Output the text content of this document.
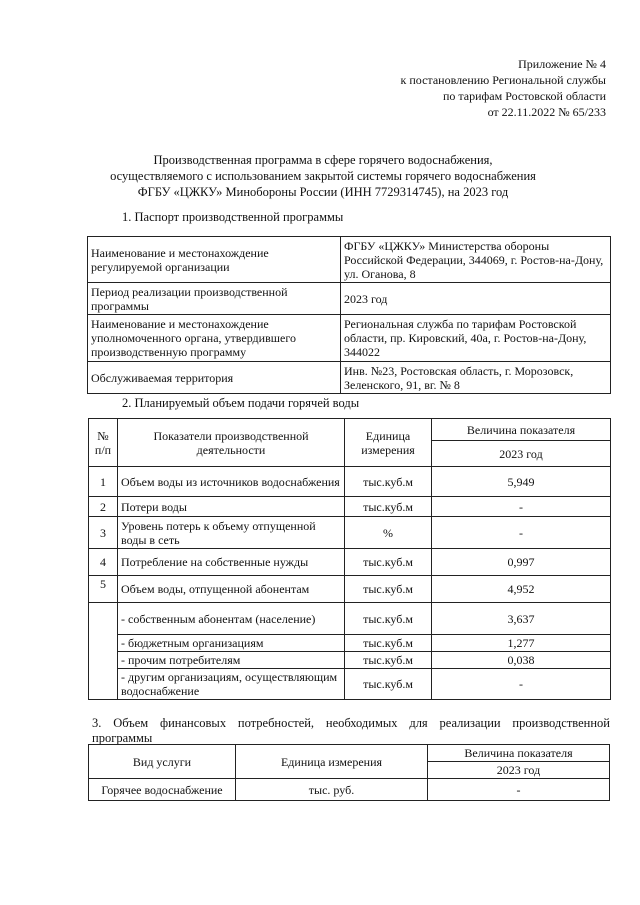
Приложение № 4
к постановлению Региональной службы
по тарифам Ростовской области
от 22.11.2022 № 65/233
Производственная программа в сфере горячего водоснабжения,
осуществляемого с использованием закрытой системы горячего водоснабжения
ФГБУ «ЦЖКУ» Минобороны России (ИНН 7729314745), на 2023 год
1. Паспорт производственной программы
Наименование и местонахождение регулируемой организации	ФГБУ «ЦЖКУ» Министерства обороны Российской Федерации, 344069, г. Ростов-на-Дону, ул. Оганова, 8
Период реализации производственной программы	2023 год
Наименование и местонахождение уполномоченного органа, утвердившего производственную программу	Региональная служба по тарифам Ростовской области, пр. Кировский, 40а, г. Ростов-на-Дону, 344022
Обслуживаемая территория	Инв. №23, Ростовская область, г. Морозовск, Зеленского, 91, вг. № 8
2. Планируемый объем подачи горячей воды
№ п/п	Показатели производственной деятельности	Единица измерения	Величина показателя
			2023 год
1	Объем воды из источников водоснабжения	тыс.куб.м	5,949
2	Потери воды	тыс.куб.м	-
3	Уровень потерь к объему отпущенной воды в сеть	%	-
4	Потребление на собственные нужды	тыс.куб.м	0,997
5	Объем воды, отпущенной абонентам	тыс.куб.м	4,952
	- собственным абонентам (население)	тыс.куб.м	3,637
	- бюджетным организациям	тыс.куб.м	1,277
	- прочим потребителям	тыс.куб.м	0,038
	- другим организациям, осуществляющим водоснабжение	тыс.куб.м	-
3. Объем финансовых потребностей, необходимых для реализации производственной программы
Вид услуги	Единица измерения	Величина показателя
		2023 год
Горячее водоснабжение	тыс. руб.	-
